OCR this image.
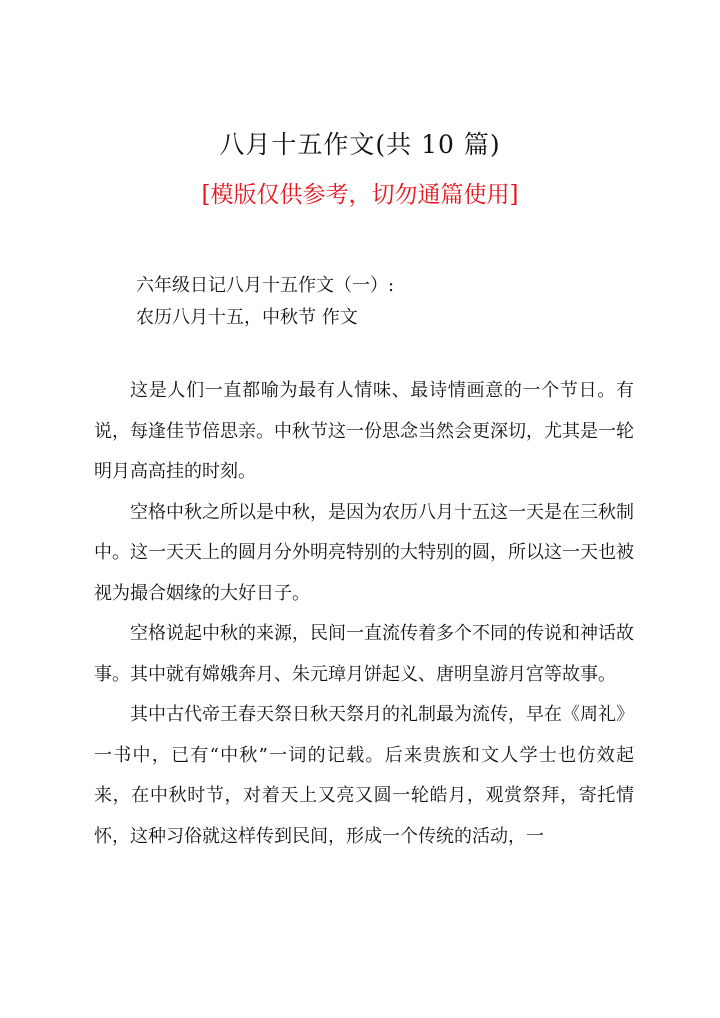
八月十五作文(共 10 篇)
[模版仅供参考，切勿通篇使用]

六年级日记八月十五作文（一）:

农历八月十五，中秋节 作文

这是人们一直都喻为最有人情味、最诗情画意的一个节日。有说，每逢佳节倍思亲。中秋节这一份思念当然会更深切，尤其是一轮明月高高挂的时刻。

空格中秋之所以是中秋，是因为农历八月十五这一天是在三秋制中。这一天天上的圆月分外明亮特别的大特别的圆，所以这一天也被视为撮合姻缘的大好日子。

空格说起中秋的来源，民间一直流传着多个不同的传说和神话故事。其中就有嫦娥奔月、朱元璋月饼起义、唐明皇游月宫等故事。

其中古代帝王春天祭日秋天祭月的礼制最为流传，早在《周礼》一书中，已有“中秋”一词的记载。后来贵族和文人学士也仿效起来，在中秋时节，对着天上又亮又圆一轮皓月，观赏祭拜，寄托情怀，这种习俗就这样传到民间，形成一个传统的活动，一
